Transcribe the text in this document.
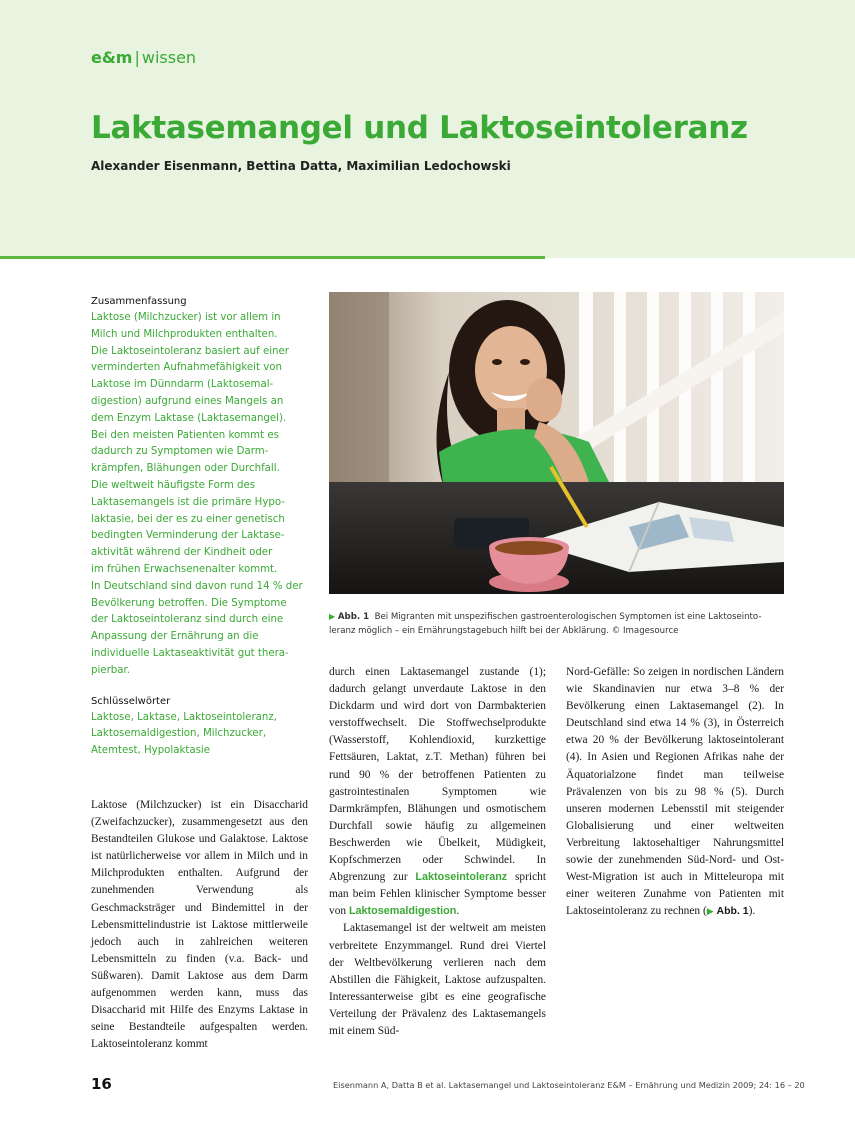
e&m | wissen
Laktasemangel und Laktoseintoleranz
Alexander Eisenmann, Bettina Datta, Maximilian Ledochowski
Zusammenfassung
Laktose (Milchzucker) ist vor allem in
Milch und Milchprodukten enthalten.
Die Laktoseintoleranz basiert auf einer
verminderten Aufnahmefähigkeit von
Laktose im Dünndarm (Laktosemal-
digestion) aufgrund eines Mangels an
dem Enzym Laktase (Laktasemangel).
Bei den meisten Patienten kommt es
dadurch zu Symptomen wie Darm-
krämpfen, Blähungen oder Durchfall.
Die weltweit häufigste Form des
Laktasemangels ist die primäre Hypo-
laktasie, bei der es zu einer genetisch
bedingten Verminderung der Laktase-
aktivität während der Kindheit oder
im frühen Erwachsenenalter kommt.
In Deutschland sind davon rund 14 % der
Bevölkerung betroffen. Die Symptome
der Laktoseintoleranz sind durch eine
Anpassung der Ernährung an die
individuelle Laktaseaktivität gut thera-
pierbar.
Schlüsselwörter
Laktose, Laktase, Laktoseintoleranz,
Laktosemaldigestion, Milchzucker,
Atemtest, Hypolaktasie
▶ Abb. 1 Bei Migranten mit unspezifischen gastroenterologischen Symptomen ist eine Laktoseinto-leranz möglich – ein Ernährungstagebuch hilft bei der Abklärung. © Imagesource
Laktose (Milchzucker) ist ein Disaccharid (Zweifachzucker), zusammengesetzt aus den Bestandteilen Glukose und Galaktose. Laktose ist natürlicherweise vor allem in Milch und in Milchprodukten enthalten. Aufgrund der zunehmenden Verwendung als Geschmacksträger und Bindemittel in der Lebensmittelindustrie ist Laktose mittlerweile jedoch auch in zahlreichen weiteren Lebensmitteln zu finden (v.a. Back- und Süßwaren). Damit Laktose aus dem Darm aufgenommen werden kann, muss das Disaccharid mit Hilfe des Enzyms Laktase in seine Bestandteile aufgespalten werden. Laktoseintoleranz kommt
durch einen Laktasemangel zustande (1); dadurch gelangt unverdaute Laktose in den Dickdarm und wird dort von Darmbakterien verstoffwechselt. Die Stoffwechselprodukte (Wasserstoff, Kohlendioxid, kurzkettige Fettsäuren, Laktat, z.T. Methan) führen bei rund 90 % der betroffenen Patienten zu gastrointestinalen Symptomen wie Darmkrämpfen, Blähungen und osmotischem Durchfall sowie häufig zu allgemeinen Beschwerden wie Übelkeit, Müdigkeit, Kopfschmerzen oder Schwindel. In Abgrenzung zur Laktoseintoleranz spricht man beim Fehlen klinischer Symptome besser von Laktosemaldigestion.
Laktasemangel ist der weltweit am meisten verbreitete Enzymmangel. Rund drei Viertel der Weltbevölkerung verlieren nach dem Abstillen die Fähigkeit, Laktose aufzuspalten. Interessanterweise gibt es eine geografische Verteilung der Prävalenz des Laktasemangels mit einem Süd-
Nord-Gefälle: So zeigen in nordischen Ländern wie Skandinavien nur etwa 3–8 % der Bevölkerung einen Laktasemangel (2). In Deutschland sind etwa 14 % (3), in Österreich etwa 20 % der Bevölkerung laktoseintolerant (4). In Asien und Regionen Afrikas nahe der Äquatorialzone findet man teilweise Prävalenzen von bis zu 98 % (5). Durch unseren modernen Lebensstil mit steigender Globalisierung und einer weltweiten Verbreitung laktosehaltiger Nahrungsmittel sowie der zunehmenden Süd-Nord- und Ost-West-Migration ist auch in Mitteleuropa mit einer weiteren Zunahme von Patienten mit Laktoseintoleranz zu rechnen (▶ Abb. 1).
16	Eisenmann A, Datta B et al. Laktasemangel und Laktoseintoleranz E&M – Ernährung und Medizin 2009; 24: 16 – 20
